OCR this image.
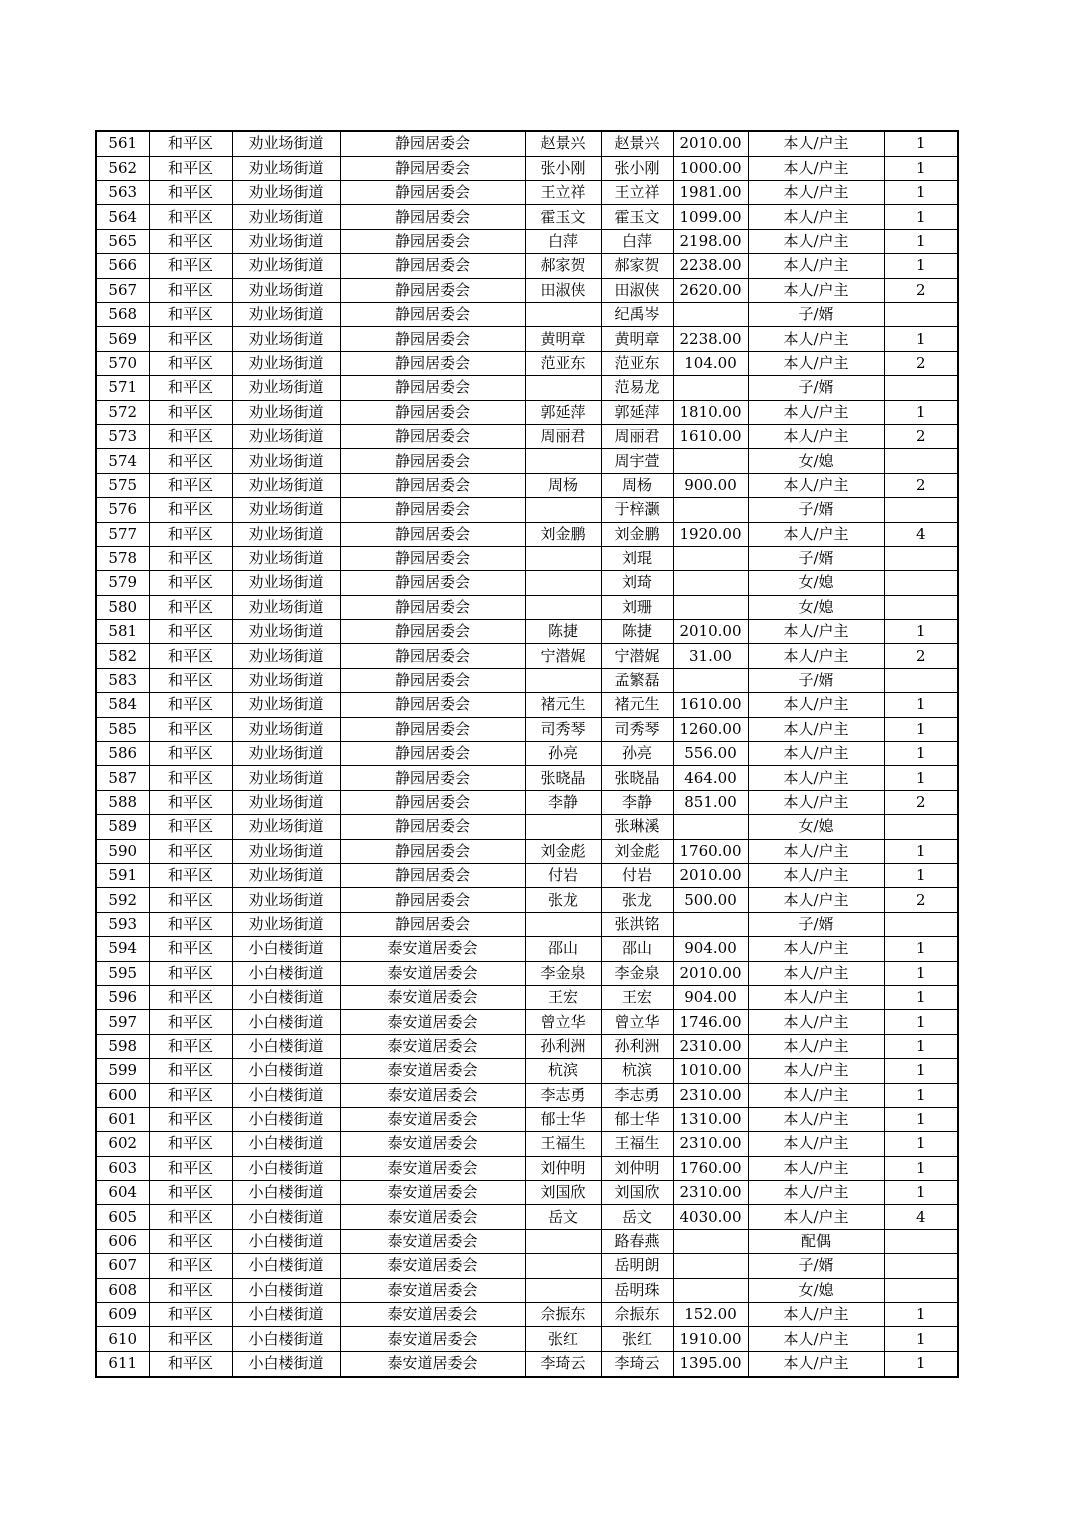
561	和平区	劝业场街道	静园居委会	赵景兴	赵景兴	2010.00	本人/户主	1
562	和平区	劝业场街道	静园居委会	张小刚	张小刚	1000.00	本人/户主	1
563	和平区	劝业场街道	静园居委会	王立祥	王立祥	1981.00	本人/户主	1
564	和平区	劝业场街道	静园居委会	霍玉文	霍玉文	1099.00	本人/户主	1
565	和平区	劝业场街道	静园居委会	白萍	白萍	2198.00	本人/户主	1
566	和平区	劝业场街道	静园居委会	郝家贺	郝家贺	2238.00	本人/户主	1
567	和平区	劝业场街道	静园居委会	田淑侠	田淑侠	2620.00	本人/户主	2
568	和平区	劝业场街道	静园居委会		纪禹岑		子/婿	
569	和平区	劝业场街道	静园居委会	黄明章	黄明章	2238.00	本人/户主	1
570	和平区	劝业场街道	静园居委会	范亚东	范亚东	104.00	本人/户主	2
571	和平区	劝业场街道	静园居委会		范易龙		子/婿	
572	和平区	劝业场街道	静园居委会	郭延萍	郭延萍	1810.00	本人/户主	1
573	和平区	劝业场街道	静园居委会	周丽君	周丽君	1610.00	本人/户主	2
574	和平区	劝业场街道	静园居委会		周宇萱		女/媳	
575	和平区	劝业场街道	静园居委会	周杨	周杨	900.00	本人/户主	2
576	和平区	劝业场街道	静园居委会		于梓灏		子/婿	
577	和平区	劝业场街道	静园居委会	刘金鹏	刘金鹏	1920.00	本人/户主	4
578	和平区	劝业场街道	静园居委会		刘琨		子/婿	
579	和平区	劝业场街道	静园居委会		刘琦		女/媳	
580	和平区	劝业场街道	静园居委会		刘珊		女/媳	
581	和平区	劝业场街道	静园居委会	陈捷	陈捷	2010.00	本人/户主	1
582	和平区	劝业场街道	静园居委会	宁潜娓	宁潜娓	31.00	本人/户主	2
583	和平区	劝业场街道	静园居委会		孟繁磊		子/婿	
584	和平区	劝业场街道	静园居委会	褚元生	褚元生	1610.00	本人/户主	1
585	和平区	劝业场街道	静园居委会	司秀琴	司秀琴	1260.00	本人/户主	1
586	和平区	劝业场街道	静园居委会	孙亮	孙亮	556.00	本人/户主	1
587	和平区	劝业场街道	静园居委会	张晓晶	张晓晶	464.00	本人/户主	1
588	和平区	劝业场街道	静园居委会	李静	李静	851.00	本人/户主	2
589	和平区	劝业场街道	静园居委会		张琳溪		女/媳	
590	和平区	劝业场街道	静园居委会	刘金彪	刘金彪	1760.00	本人/户主	1
591	和平区	劝业场街道	静园居委会	付岩	付岩	2010.00	本人/户主	1
592	和平区	劝业场街道	静园居委会	张龙	张龙	500.00	本人/户主	2
593	和平区	劝业场街道	静园居委会		张洪铭		子/婿	
594	和平区	小白楼街道	泰安道居委会	邵山	邵山	904.00	本人/户主	1
595	和平区	小白楼街道	泰安道居委会	李金泉	李金泉	2010.00	本人/户主	1
596	和平区	小白楼街道	泰安道居委会	王宏	王宏	904.00	本人/户主	1
597	和平区	小白楼街道	泰安道居委会	曾立华	曾立华	1746.00	本人/户主	1
598	和平区	小白楼街道	泰安道居委会	孙利洲	孙利洲	2310.00	本人/户主	1
599	和平区	小白楼街道	泰安道居委会	杭滨	杭滨	1010.00	本人/户主	1
600	和平区	小白楼街道	泰安道居委会	李志勇	李志勇	2310.00	本人/户主	1
601	和平区	小白楼街道	泰安道居委会	郁士华	郁士华	1310.00	本人/户主	1
602	和平区	小白楼街道	泰安道居委会	王福生	王福生	2310.00	本人/户主	1
603	和平区	小白楼街道	泰安道居委会	刘仲明	刘仲明	1760.00	本人/户主	1
604	和平区	小白楼街道	泰安道居委会	刘国欣	刘国欣	2310.00	本人/户主	1
605	和平区	小白楼街道	泰安道居委会	岳文	岳文	4030.00	本人/户主	4
606	和平区	小白楼街道	泰安道居委会		路春燕		配偶	
607	和平区	小白楼街道	泰安道居委会		岳明朗		子/婿	
608	和平区	小白楼街道	泰安道居委会		岳明珠		女/媳	
609	和平区	小白楼街道	泰安道居委会	佘振东	佘振东	152.00	本人/户主	1
610	和平区	小白楼街道	泰安道居委会	张红	张红	1910.00	本人/户主	1
611	和平区	小白楼街道	泰安道居委会	李琦云	李琦云	1395.00	本人/户主	1
